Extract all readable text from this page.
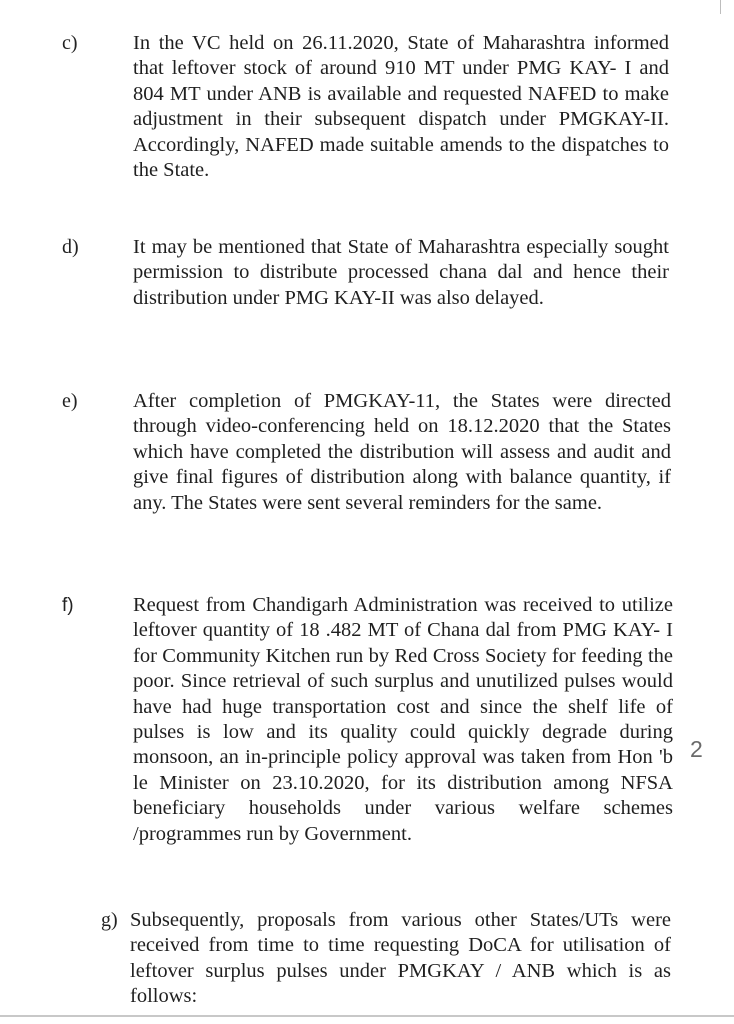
c)	In the VC held on 26.11.2020, State of Maharashtra informed that leftover stock of around 910 MT under PMG KAY- I and 804 MT under ANB is available and requested NAFED to make adjustment in their subsequent dispatch under PMGKAY-II. Accordingly, NAFED made suitable amends to the dispatches to the State.

d)	It may be mentioned that State of Maharashtra especially sought permission to distribute processed chana dal and hence their distribution under PMG KAY-II was also delayed.

e)	After completion of PMGKAY-11, the States were directed through video-conferencing held on 18.12.2020 that the States which have completed the distribution will assess and audit and give final figures of distribution along with balance quantity, if any. The States were sent several reminders for the same.

f)	Request from Chandigarh Administration was received to utilize leftover quantity of 18 .482 MT of Chana dal from PMG KAY- I for Community Kitchen run by Red Cross Society for feeding the poor. Since retrieval of such surplus and unutilized pulses would have had huge transportation cost and since the shelf life of pulses is low and its quality could quickly degrade during monsoon, an in-principle policy approval was taken from Hon 'b le Minister on 23.10.2020, for its distribution among NFSA beneficiary households under various welfare schemes /programmes run by Government.

g) Subsequently, proposals from various other States/UTs were received from time to time requesting DoCA for utilisation of leftover surplus pulses under PMGKAY / ANB which is as follows:

2
